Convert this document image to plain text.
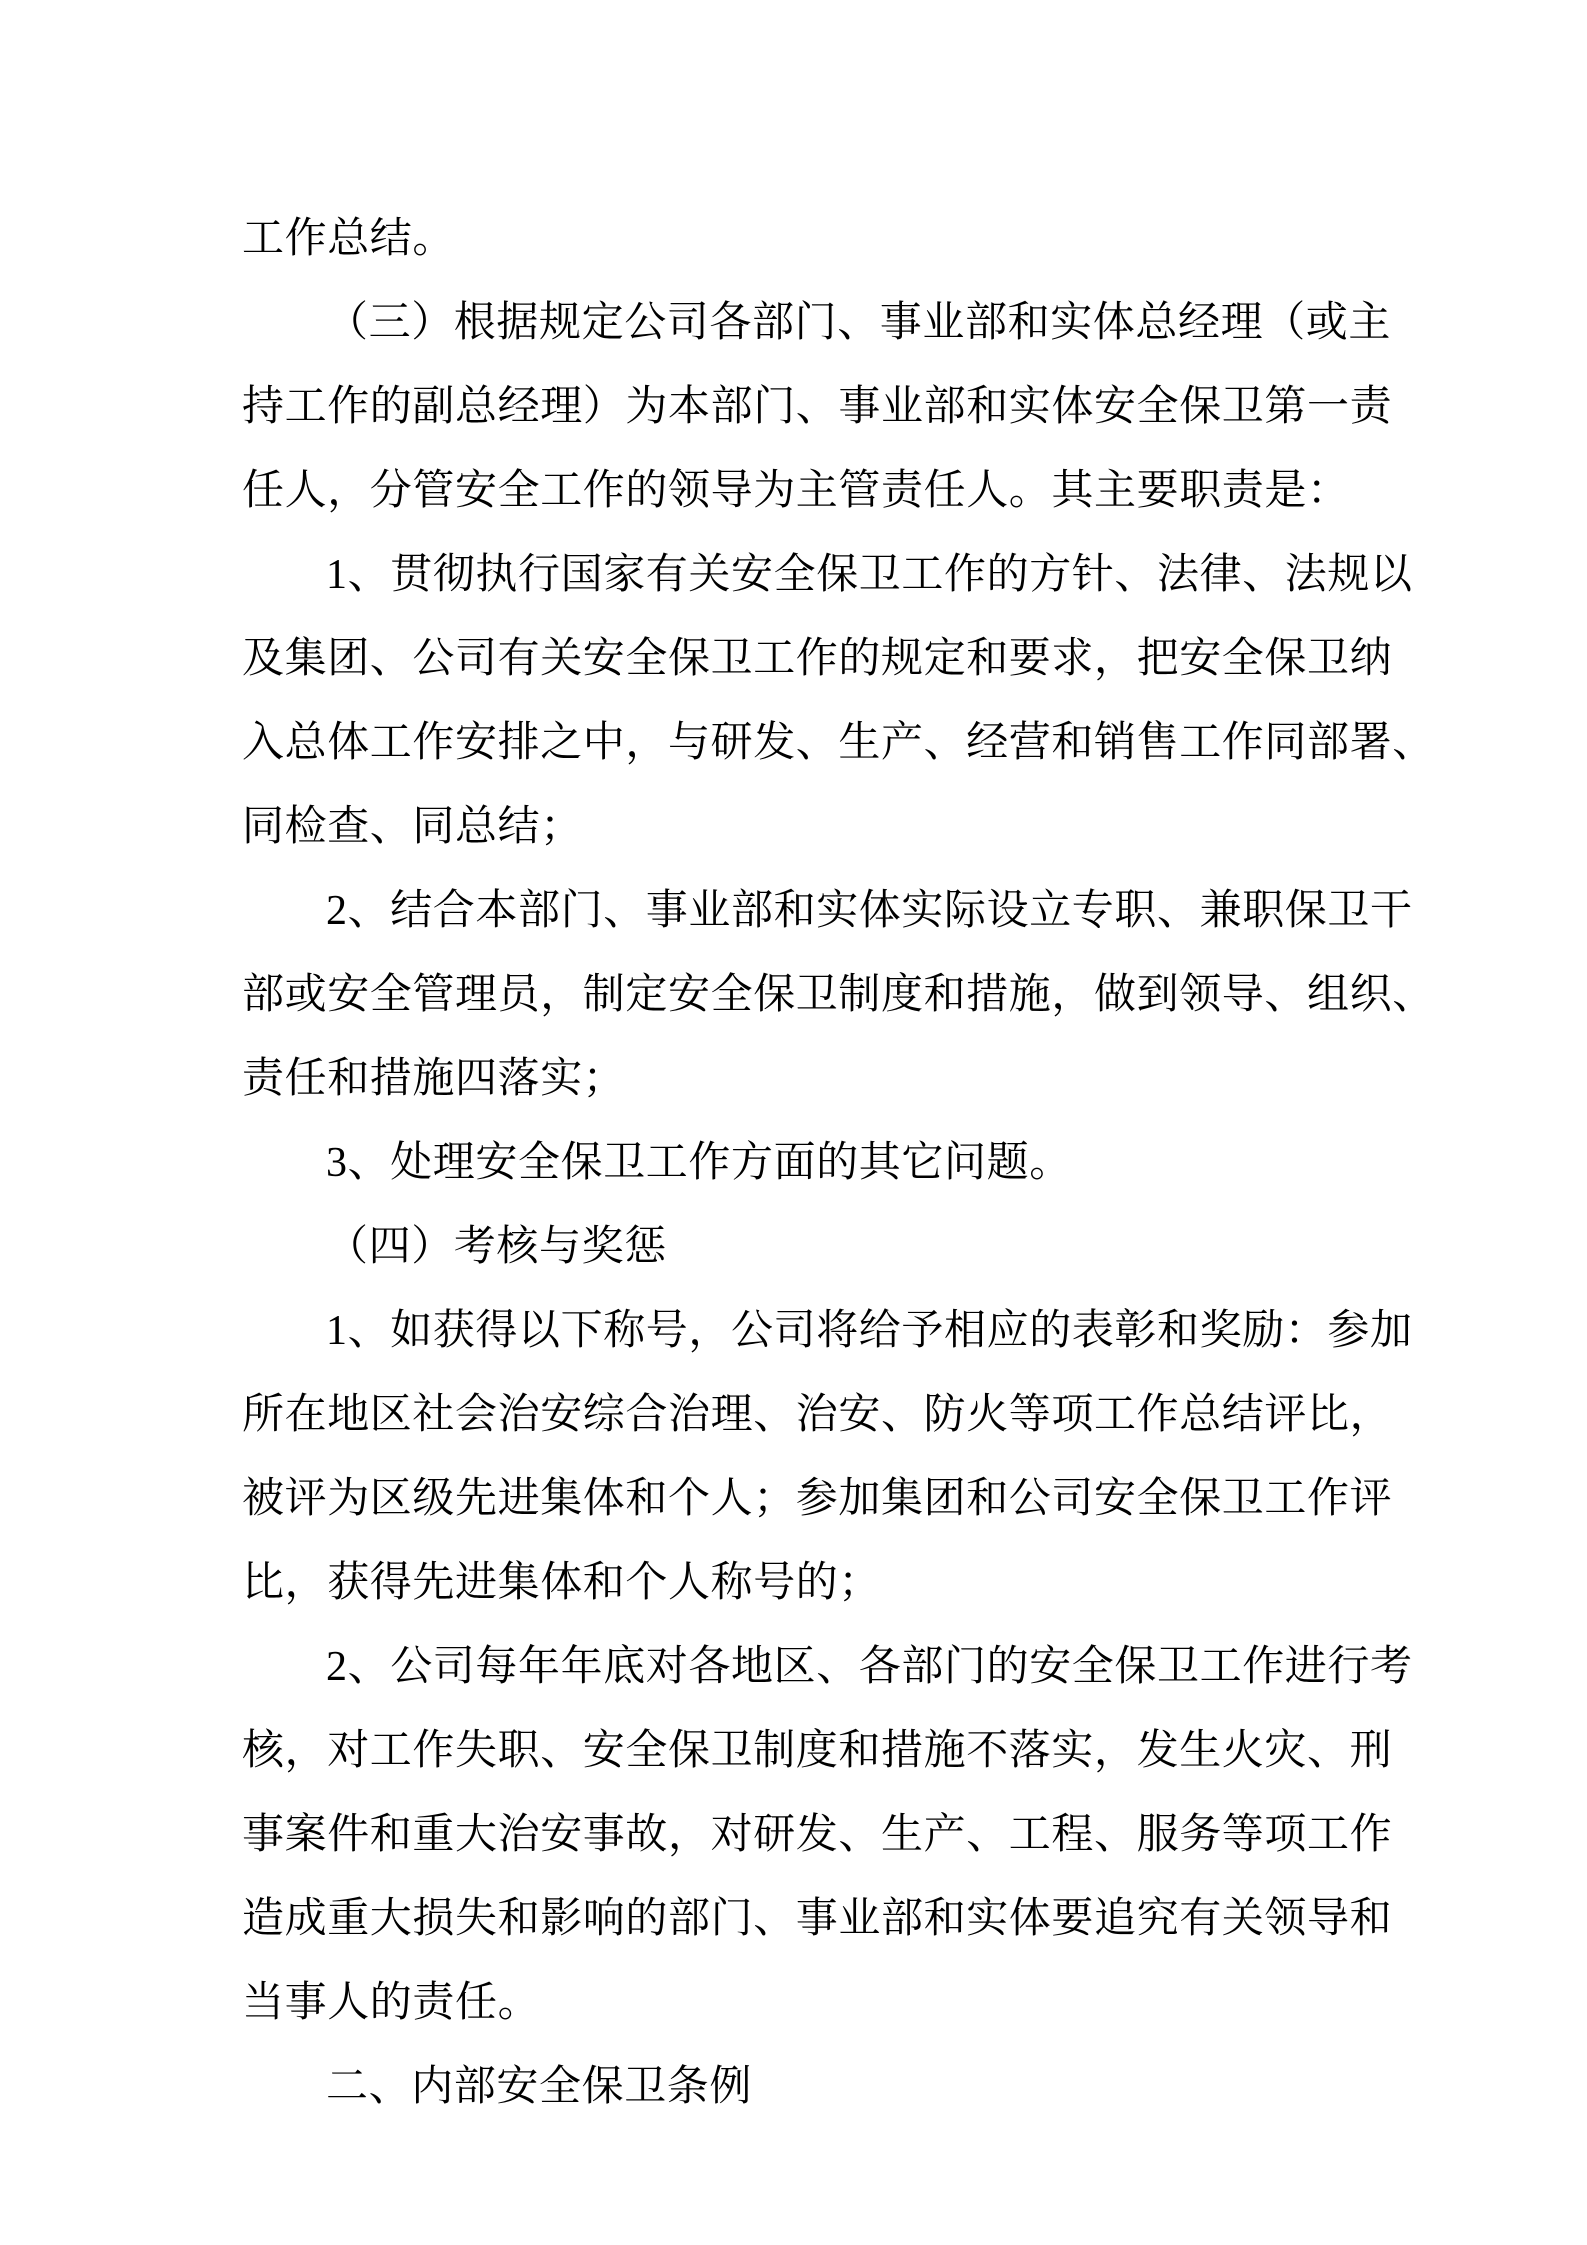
工作总结。
（三）根据规定公司各部门、事业部和实体总经理（或主
持工作的副总经理）为本部门、事业部和实体安全保卫第一责
任人，分管安全工作的领导为主管责任人。其主要职责是：
1、贯彻执行国家有关安全保卫工作的方针、法律、法规以
及集团、公司有关安全保卫工作的规定和要求，把安全保卫纳
入总体工作安排之中，与研发、生产、经营和销售工作同部署、
同检查、同总结；
2、结合本部门、事业部和实体实际设立专职、兼职保卫干
部或安全管理员，制定安全保卫制度和措施，做到领导、组织、
责任和措施四落实；
3、处理安全保卫工作方面的其它问题。
（四）考核与奖惩
1、如获得以下称号，公司将给予相应的表彰和奖励：参加
所在地区社会治安综合治理、治安、防火等项工作总结评比，
被评为区级先进集体和个人；参加集团和公司安全保卫工作评
比，获得先进集体和个人称号的；
2、公司每年年底对各地区、各部门的安全保卫工作进行考
核，对工作失职、安全保卫制度和措施不落实，发生火灾、刑
事案件和重大治安事故，对研发、生产、工程、服务等项工作
造成重大损失和影响的部门、事业部和实体要追究有关领导和
当事人的责任。
二、内部安全保卫条例
